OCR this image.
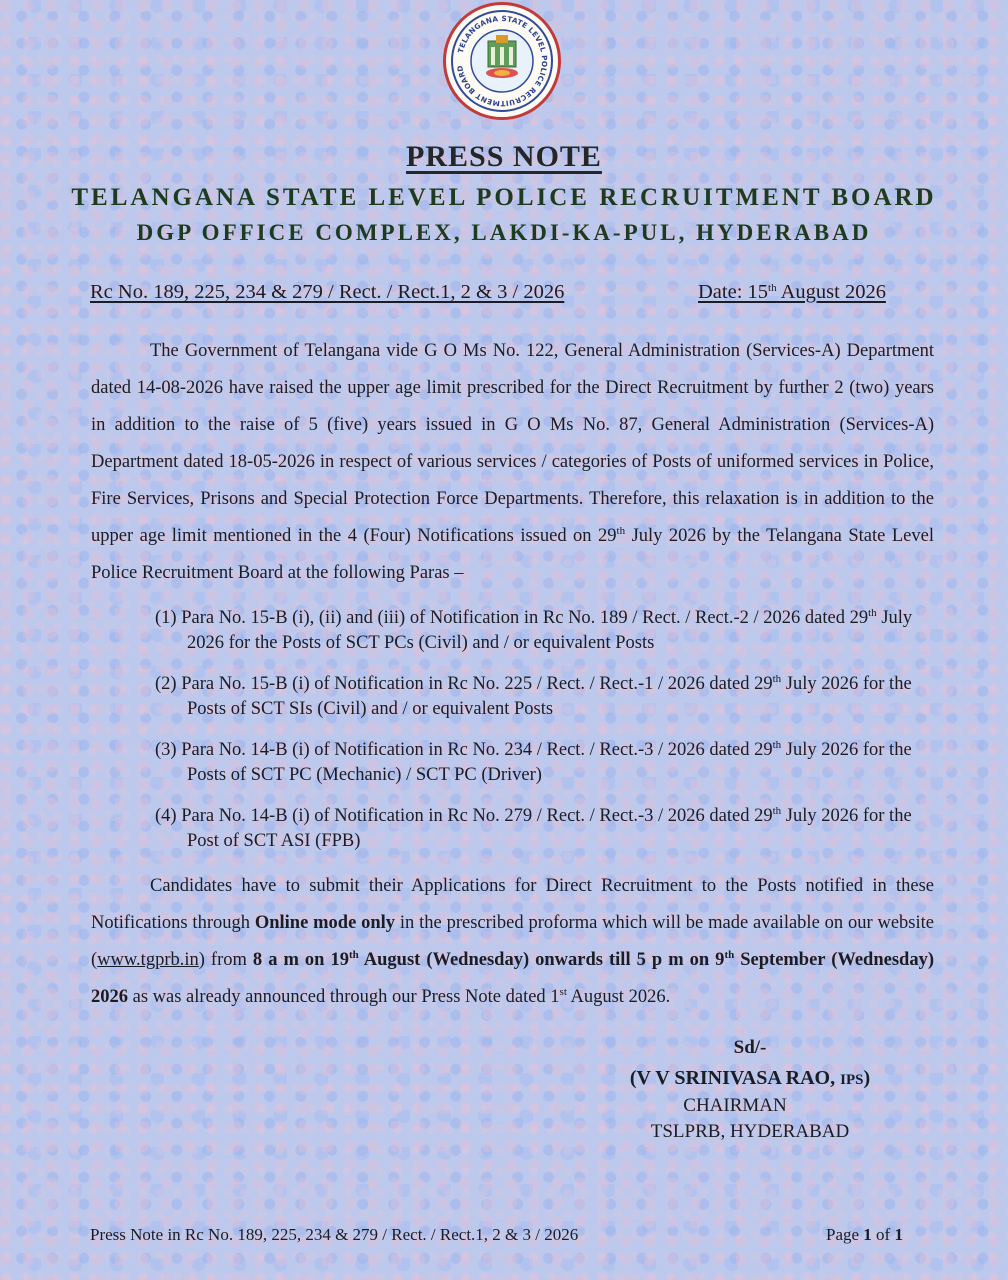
TELANGANA STATE LEVEL POLICE RECRUITMENT BOARD
PRESS NOTE
TELANGANA STATE LEVEL POLICE RECRUITMENT BOARD
DGP OFFICE COMPLEX, LAKDI-KA-PUL, HYDERABAD
Rc No. 189, 225, 234 & 279 / Rect. / Rect.1, 2 & 3 / 2026	Date: 15th August 2026

The Government of Telangana vide G O Ms No. 122, General Administration (Services-A) Department dated 14-08-2026 have raised the upper age limit prescribed for the Direct Recruitment by further 2 (two) years in addition to the raise of 5 (five) years issued in G O Ms No. 87, General Administration (Services-A) Department dated 18-05-2026 in respect of various services / categories of Posts of uniformed services in Police, Fire Services, Prisons and Special Protection Force Departments. Therefore, this relaxation is in addition to the upper age limit mentioned in the 4 (Four) Notifications issued on 29th July 2026 by the Telangana State Level Police Recruitment Board at the following Paras –

(1) Para No. 15-B (i), (ii) and (iii) of Notification in Rc No. 189 / Rect. / Rect.-2 / 2026 dated 29th July 2026 for the Posts of SCT PCs (Civil) and / or equivalent Posts
(2) Para No. 15-B (i) of Notification in Rc No. 225 / Rect. / Rect.-1 / 2026 dated 29th July 2026 for the Posts of SCT SIs (Civil) and / or equivalent Posts
(3) Para No. 14-B (i) of Notification in Rc No. 234 / Rect. / Rect.-3 / 2026 dated 29th July 2026 for the Posts of SCT PC (Mechanic) / SCT PC (Driver)
(4) Para No. 14-B (i) of Notification in Rc No. 279 / Rect. / Rect.-3 / 2026 dated 29th July 2026 for the Post of SCT ASI (FPB)

Candidates have to submit their Applications for Direct Recruitment to the Posts notified in these Notifications through Online mode only in the prescribed proforma which will be made available on our website (www.tgprb.in) from 8 a m on 19th August (Wednesday) onwards till 5 p m on 9th September (Wednesday) 2026 as was already announced through our Press Note dated 1st August 2026.

Sd/-
(V V SRINIVASA RAO, IPS)
CHAIRMAN
TSLPRB, HYDERABAD
Press Note in Rc No. 189, 225, 234 & 279 / Rect. / Rect.1, 2 & 3 / 2026	Page 1 of 1
